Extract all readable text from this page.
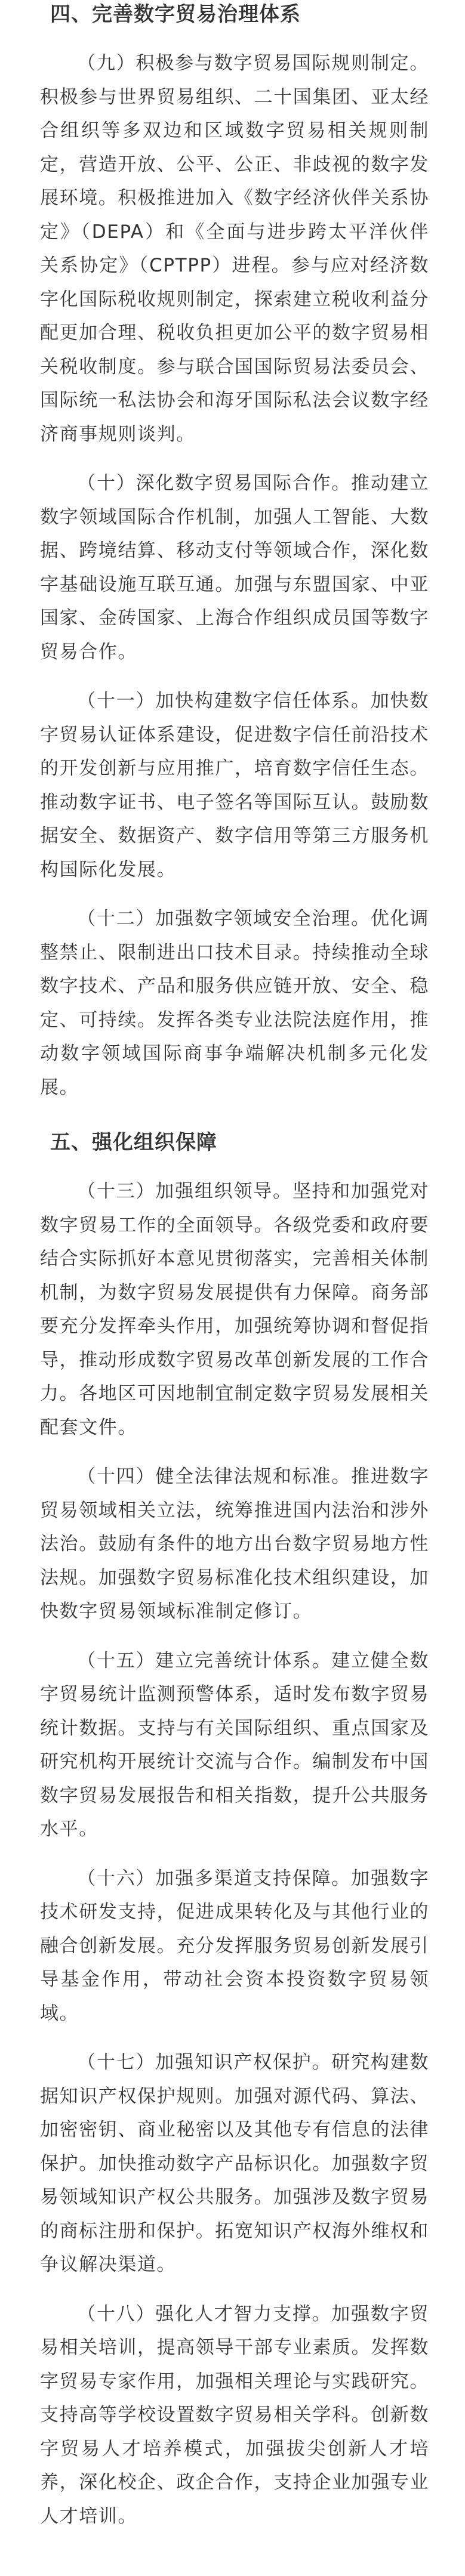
四、完善数字贸易治理体系

（九）积极参与数字贸易国际规则制定。积极参与世界贸易组织、二十国集团、亚太经合组织等多双边和区域数字贸易相关规则制定，营造开放、公平、公正、非歧视的数字发展环境。积极推进加入《数字经济伙伴关系协定》（DEPA）和《全面与进步跨太平洋伙伴关系协定》（CPTPP）进程。参与应对经济数字化国际税收规则制定，探索建立税收利益分配更加合理、税收负担更加公平的数字贸易相关税收制度。参与联合国国际贸易法委员会、国际统一私法协会和海牙国际私法会议数字经济商事规则谈判。

（十）深化数字贸易国际合作。推动建立数字领域国际合作机制，加强人工智能、大数据、跨境结算、移动支付等领域合作，深化数字基础设施互联互通。加强与东盟国家、中亚国家、金砖国家、上海合作组织成员国等数字贸易合作。

（十一）加快构建数字信任体系。加快数字贸易认证体系建设，促进数字信任前沿技术的开发创新与应用推广，培育数字信任生态。推动数字证书、电子签名等国际互认。鼓励数据安全、数据资产、数字信用等第三方服务机构国际化发展。

（十二）加强数字领域安全治理。优化调整禁止、限制进出口技术目录。持续推动全球数字技术、产品和服务供应链开放、安全、稳定、可持续。发挥各类专业法院法庭作用，推动数字领域国际商事争端解决机制多元化发展。

五、强化组织保障

（十三）加强组织领导。坚持和加强党对数字贸易工作的全面领导。各级党委和政府要结合实际抓好本意见贯彻落实，完善相关体制机制，为数字贸易发展提供有力保障。商务部要充分发挥牵头作用，加强统筹协调和督促指导，推动形成数字贸易改革创新发展的工作合力。各地区可因地制宜制定数字贸易发展相关配套文件。

（十四）健全法律法规和标准。推进数字贸易领域相关立法，统筹推进国内法治和涉外法治。鼓励有条件的地方出台数字贸易地方性法规。加强数字贸易标准化技术组织建设，加快数字贸易领域标准制定修订。

（十五）建立完善统计体系。建立健全数字贸易统计监测预警体系，适时发布数字贸易统计数据。支持与有关国际组织、重点国家及研究机构开展统计交流与合作。编制发布中国数字贸易发展报告和相关指数，提升公共服务水平。

（十六）加强多渠道支持保障。加强数字技术研发支持，促进成果转化及与其他行业的融合创新发展。充分发挥服务贸易创新发展引导基金作用，带动社会资本投资数字贸易领域。

（十七）加强知识产权保护。研究构建数据知识产权保护规则。加强对源代码、算法、加密密钥、商业秘密以及其他专有信息的法律保护。加快推动数字产品标识化。加强数字贸易领域知识产权公共服务。加强涉及数字贸易的商标注册和保护。拓宽知识产权海外维权和争议解决渠道。

（十八）强化人才智力支撑。加强数字贸易相关培训，提高领导干部专业素质。发挥数字贸易专家作用，加强相关理论与实践研究。支持高等学校设置数字贸易相关学科。创新数字贸易人才培养模式，加强拔尖创新人才培养，深化校企、政企合作，支持企业加强专业人才培训。
